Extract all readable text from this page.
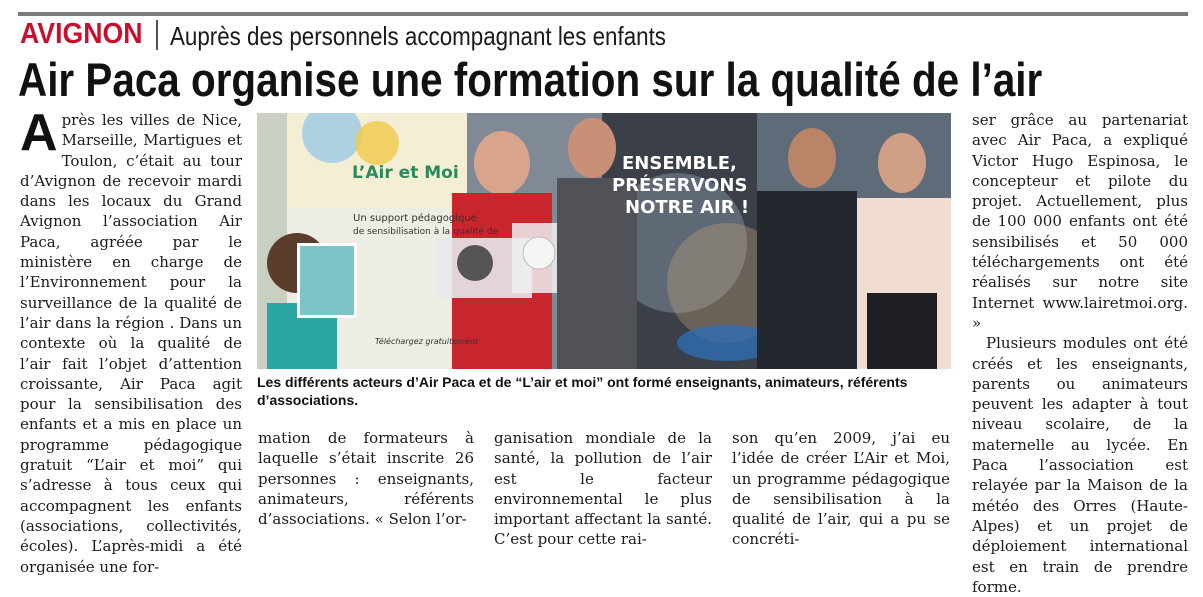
AVIGNON Auprès des personnels accompagnant les enfants
Air Paca organise une formation sur la qualité de l’air
Après les villes de Nice, Marseille, Martigues et Toulon, c’était au tour d’Avignon de recevoir mardi dans les locaux du Grand Avignon l’association Air Paca, agréée par le ministère en charge de l’Environnement pour la surveillance de la qualité de l’air dans la région . Dans un contexte où la qualité de l’air fait l’objet d’attention croissante, Air Paca agit pour la sensibilisation des enfants et a mis en place un programme pédagogique gratuit “L’air et moi” qui s’adresse à tous ceux qui accompagnent les enfants (associations, collectivités, écoles). L’après-midi a été organisée une for-
L’Air et Moi
Un support pédagogique
de sensibilisation à la qualité de
Téléchargez gratuitement
ENSEMBLE,
PRÉSERVONS
NOTRE AIR !
Les différents acteurs d’Air Paca et de “L’air et moi” ont formé enseignants, animateurs, référents d’associations.
mation de formateurs à laquelle s’était inscrite 26 personnes : enseignants, animateurs, référents d’associations. « Selon l’or-
ganisation mondiale de la santé, la pollution de l’air est le facteur environnemental le plus important affectant la santé. C’est pour cette rai-
son qu’en 2009, j’ai eu l’idée de créer L’Air et Moi, un programme pédagogique de sensibilisation à la qualité de l’air, qui a pu se concréti-
ser grâce au partenariat avec Air Paca, a expliqué Victor Hugo Espinosa, le concepteur et pilote du projet. Actuellement, plus de 100 000 enfants ont été sensibilisés et 50 000 téléchargements ont été réalisés sur notre site Internet www.lairetmoi.org. »
Plusieurs modules ont été créés et les enseignants, parents ou animateurs peuvent les adapter à tout niveau scolaire, de la maternelle au lycée. En Paca l’association est relayée par la Maison de la météo des Orres (Haute- Alpes) et un projet de déploiement international est en train de prendre forme.
